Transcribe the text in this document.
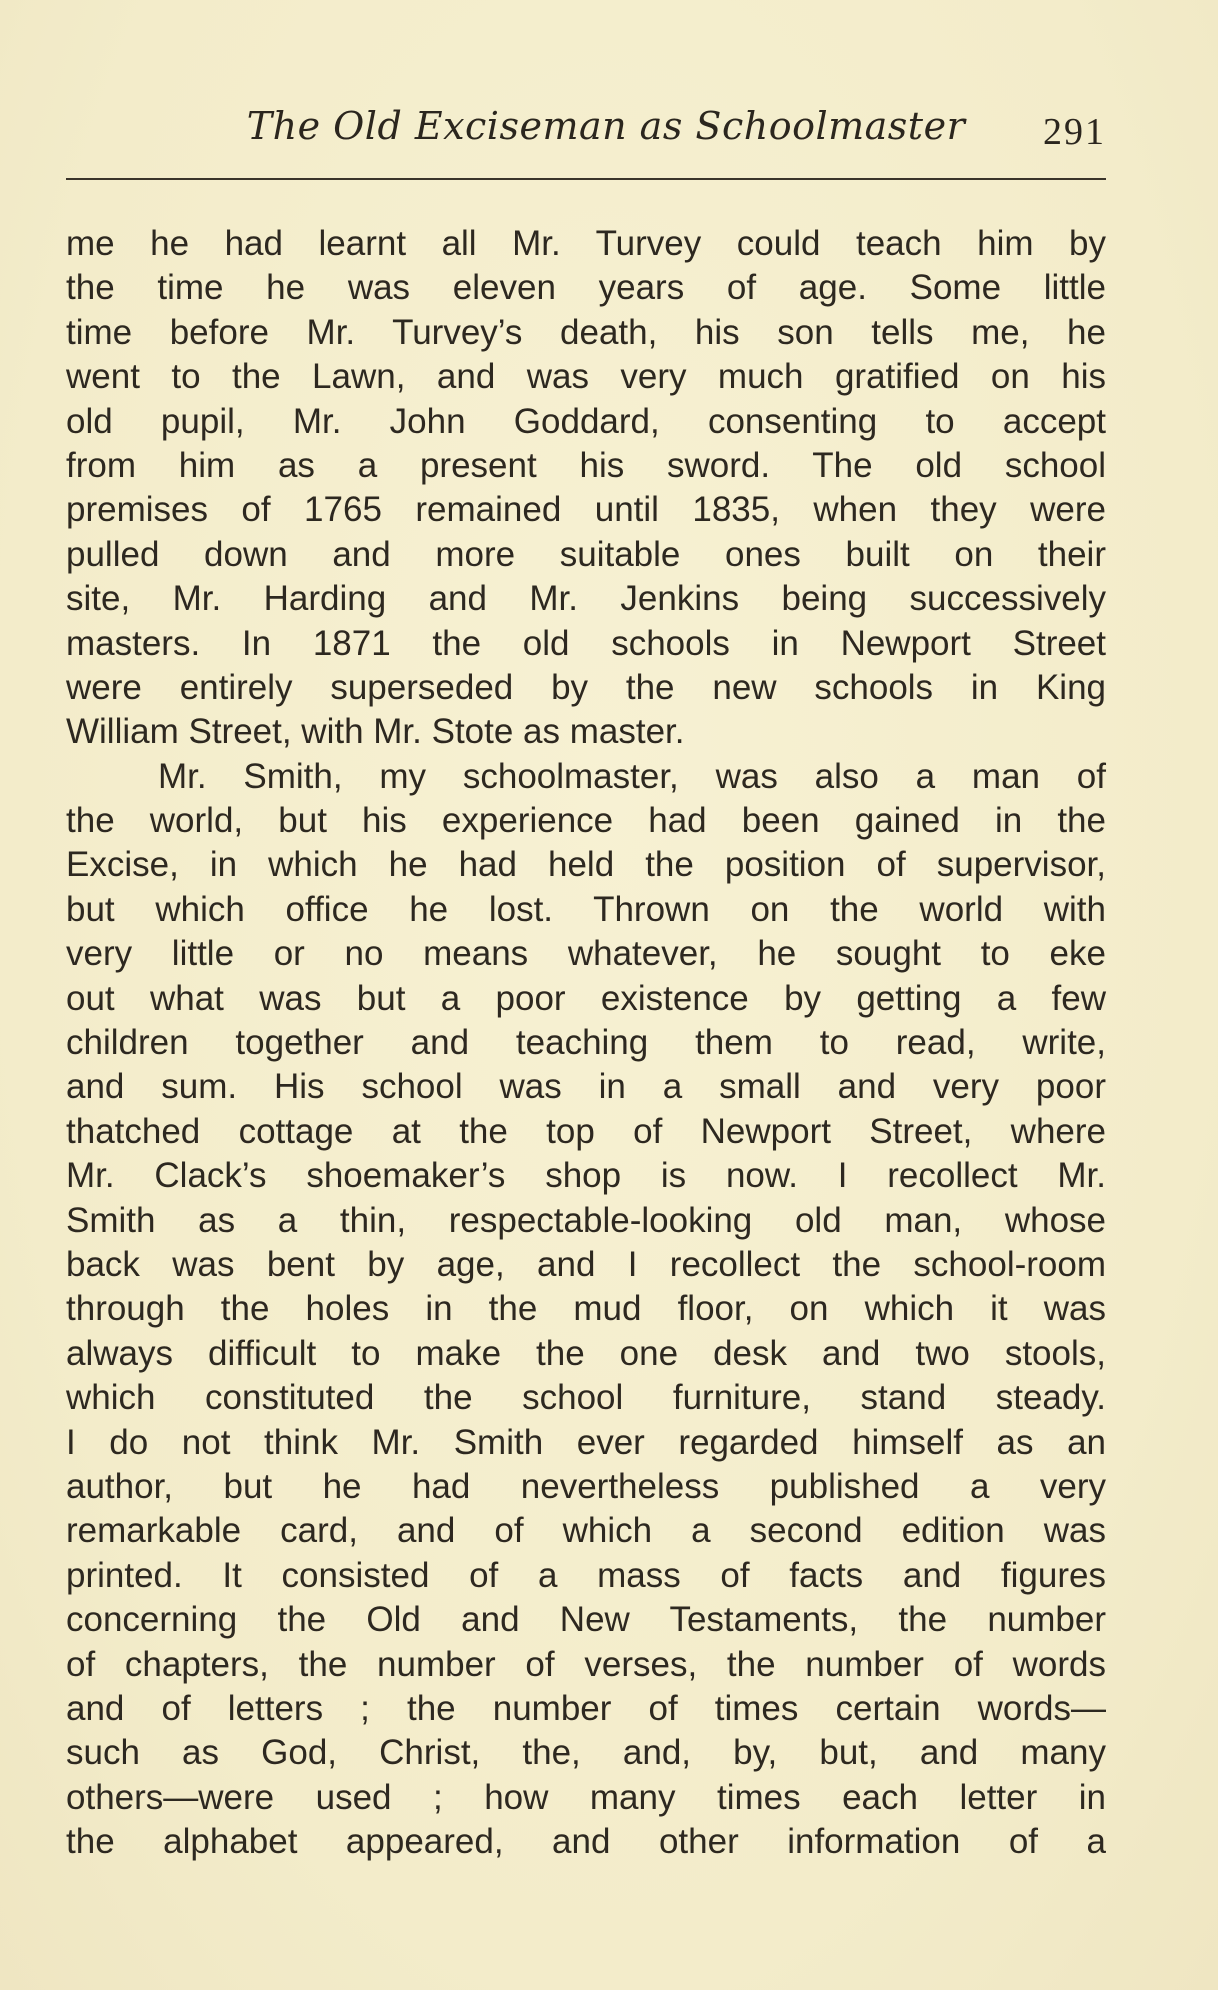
The Old Exciseman as Schoolmaster	291
me he had learnt all Mr. Turvey could teach him by
the time he was eleven years of age. Some little
time before Mr. Turvey’s death, his son tells me, he
went to the Lawn, and was very much gratified on his
old pupil, Mr. John Goddard, consenting to accept
from him as a present his sword. The old school
premises of 1765 remained until 1835, when they were
pulled down and more suitable ones built on their
site, Mr. Harding and Mr. Jenkins being successively
masters. In 1871 the old schools in Newport Street
were entirely superseded by the new schools in King
William Street, with Mr. Stote as master.
Mr. Smith, my schoolmaster, was also a man of
the world, but his experience had been gained in the
Excise, in which he had held the position of supervisor,
but which office he lost. Thrown on the world with
very little or no means whatever, he sought to eke
out what was but a poor existence by getting a few
children together and teaching them to read, write,
and sum. His school was in a small and very poor
thatched cottage at the top of Newport Street, where
Mr. Clack’s shoemaker’s shop is now. I recollect Mr.
Smith as a thin, respectable-looking old man, whose
back was bent by age, and I recollect the school-room
through the holes in the mud floor, on which it was
always difficult to make the one desk and two stools,
which constituted the school furniture, stand steady.
I do not think Mr. Smith ever regarded himself as an
author, but he had nevertheless published a very
remarkable card, and of which a second edition was
printed. It consisted of a mass of facts and figures
concerning the Old and New Testaments, the number
of chapters, the number of verses, the number of words
and of letters ; the number of times certain words—
such as God, Christ, the, and, by, but, and many
others—were used ; how many times each letter in
the alphabet appeared, and other information of a
